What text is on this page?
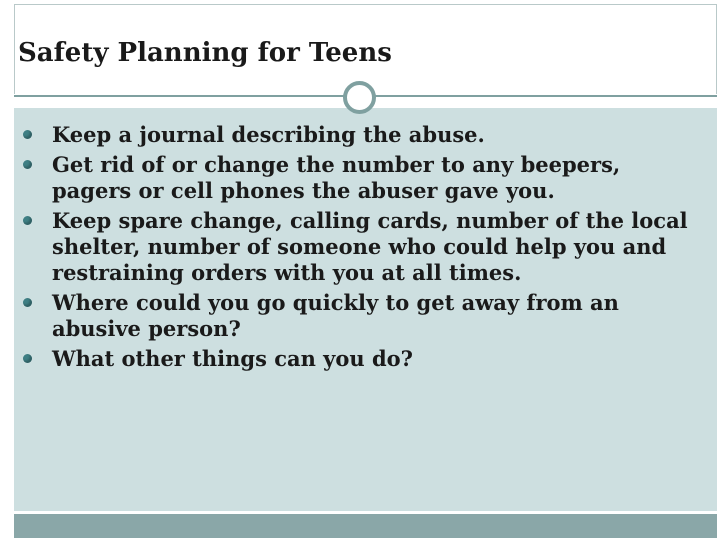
Safety Planning for Teens
Keep a journal describing the abuse.
Get rid of or change the number to any beepers, pagers or cell phones the abuser gave you.
Keep spare change, calling cards, number of the local shelter, number of someone who could help you and restraining orders with you at all times.
Where could you go quickly to get away from an abusive person?
What other things can you do?
